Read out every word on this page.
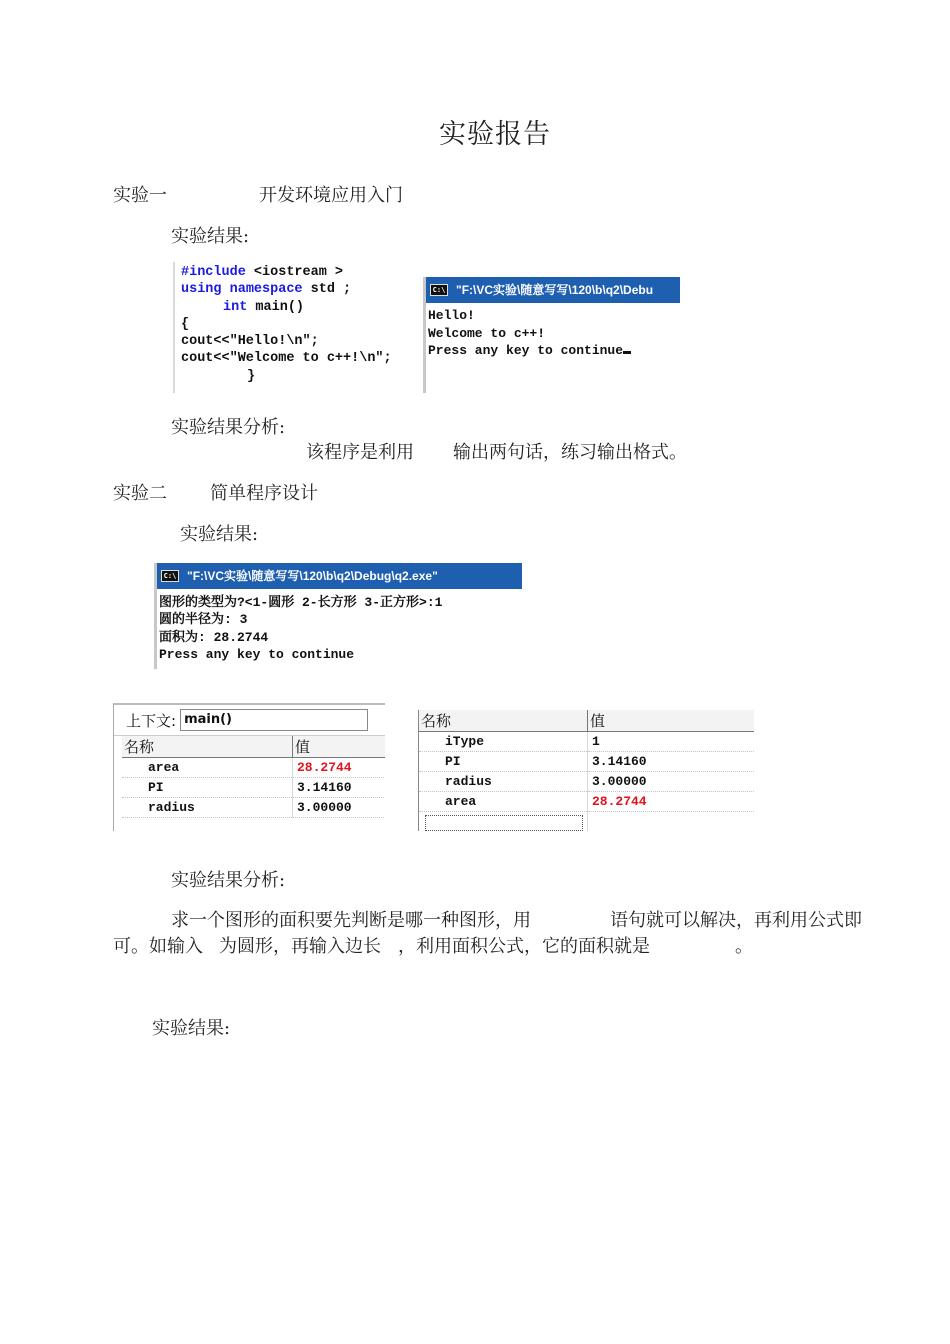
实验报告
实验一	开发环境应用入门
实验结果:
#include <iostream >
using namespace std ;
int main()
{
cout<<"Hello!\n";
cout<<"Welcome to c++!\n";
}
C:\ "F:\VC实验\随意写写\120\b\q2\Debu
Hello!
Welcome to c++!
Press any key to continue
实验结果分析:
该程序是利用 输出两句话，练习输出格式。
实验二 简单程序设计
实验结果:
C:\ "F:\VC实验\随意写写\120\b\q2\Debug\q2.exe"
图形的类型为?<1-圆形 2-长方形 3-正方形>:1
圆的半径为: 3
面积为: 28.2744
Press any key to continue
上下文: main()
名称	值
area	28.2744
PI	3.14160
radius	3.00000
名称	值
iType	1
PI	3.14160
radius	3.00000
area	28.2744

实验结果分析:
求一个图形的面积要先判断是哪一种图形，用	语句就可以解决，再利用公式即
可。如输入 为圆形，再输入边长 ，利用面积公式，它的面积就是	。
实验结果:
